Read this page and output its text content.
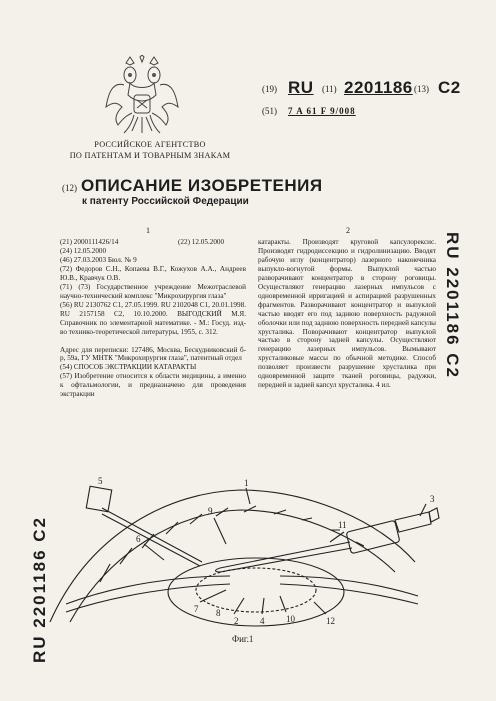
РОССИЙСКОЕ АГЕНТСТВО
ПО ПАТЕНТАМ И ТОВАРНЫМ ЗНАКАМ
(19) RU (11) 2201186 (13) C2
(51) 7 A 61 F 9/008
(12) ОПИСАНИЕ ИЗОБРЕТЕНИЯ
к патенту Российской Федерации
1
(21) 2000111426/14	(22) 12.05.2000

(24) 12.05.2000

(46) 27.03.2003 Бюл. № 9

(72) Федоров С.Н., Копаева В.Г., Кожухов А.А., Андреев Ю.В., Кравчук О.В.

(71) (73) Государственное учреждение Межотраслевой научно-технический комплекс "Микрохирургия глаза"

(56) RU 2130762 C1, 27.05.1999. RU 2102048 C1, 20.01.1998. RU 2157158 C2, 10.10.2000. ВЫГОДСКИЙ М.Я. Справочник по элементарной математике. - М.: Госуд. изд-во технико-теоретической литературы, 1955, с. 312.

Адрес для переписки: 127486, Москва, Бескудниковский б-р, 59а, ГУ МНТК "Микрохирургия глаза", патентный отдел

(54) СПОСОБ ЭКСТРАКЦИИ КАТАРАКТЫ

(57) Изобретение относится к области медицины, а именно к офтальмологии, и предназначено для проведения экстракции

2

катаракты. Производят круговой капсулорексис. Производят гидродиссекцию и гидролинизацию. Вводят рабочую иглу (концентратор) лазерного наконечника выпукло-вогнутой формы. Выпуклой частью разворачивают концентратор в сторону роговицы. Осуществляют генерацию лазерных импульсов с одновременной ирригацией и аспирацией разрушенных фрагментов. Разворачивают концентратор и выпуклой частью вводят его под заднюю поверхность радужной оболочки или под заднюю поверхность передней капсулы хрусталика. Поворачивают концентратор выпуклой частью в сторону задней капсулы. Осуществляют генерацию лазерных импульсов. Вымывают хрусталиковые массы по обычной методике. Способ позволяет произвести разрушение хрусталика при одновременной защите тканей роговицы, радужки, передней и задней капсул хрусталика. 4 ил.

RU 2201186 C2
RU 2201186 C2
1
2
3
4
5
6
7 8
9
10
11
12
Фиг.1
